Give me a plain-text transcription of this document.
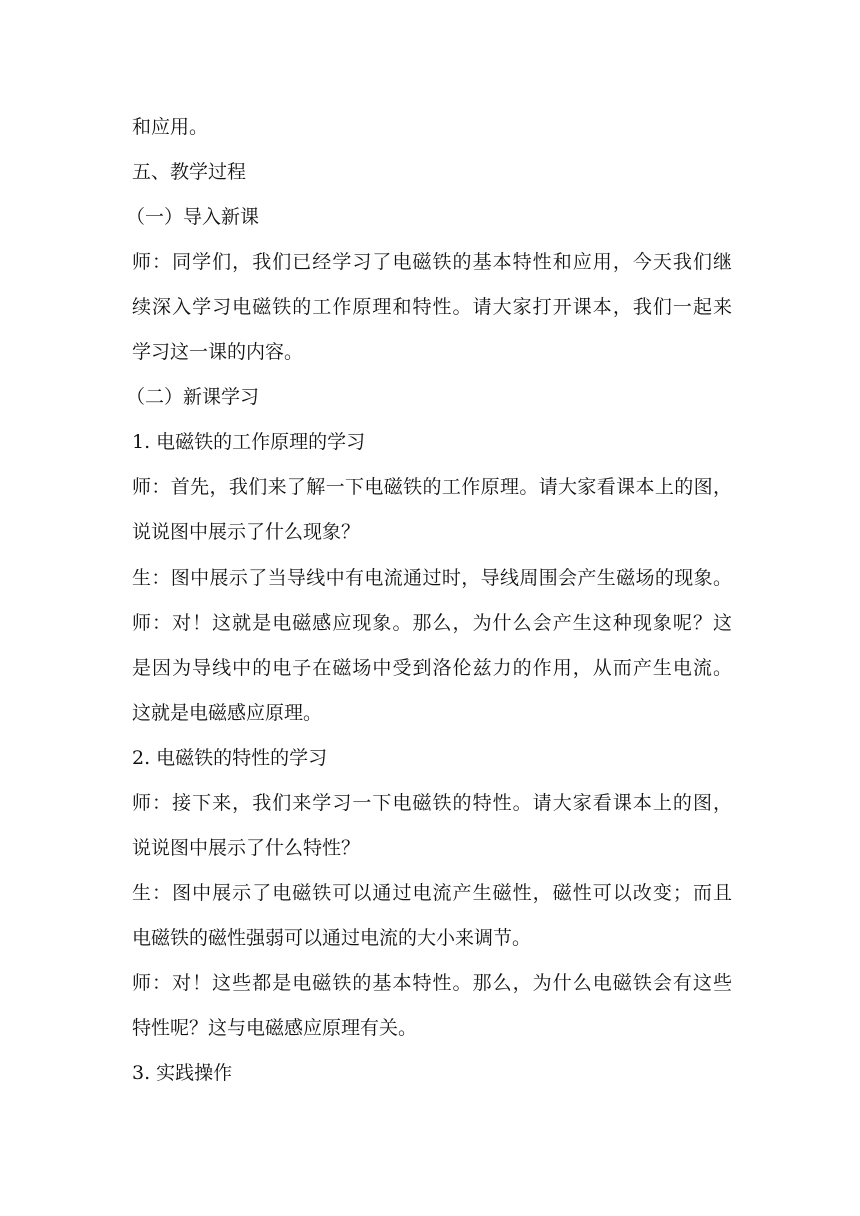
和应用。
五、教学过程
（一）导入新课
师：同学们，我们已经学习了电磁铁的基本特性和应用，今天我们继
续深入学习电磁铁的工作原理和特性。请大家打开课本，我们一起来
学习这一课的内容。
（二）新课学习
1. 电磁铁的工作原理的学习
师：首先，我们来了解一下电磁铁的工作原理。请大家看课本上的图，
说说图中展示了什么现象？
生：图中展示了当导线中有电流通过时，导线周围会产生磁场的现象。
师：对！这就是电磁感应现象。那么，为什么会产生这种现象呢？这
是因为导线中的电子在磁场中受到洛伦兹力的作用，从而产生电流。
这就是电磁感应原理。
2. 电磁铁的特性的学习
师：接下来，我们来学习一下电磁铁的特性。请大家看课本上的图，
说说图中展示了什么特性？
生：图中展示了电磁铁可以通过电流产生磁性，磁性可以改变；而且
电磁铁的磁性强弱可以通过电流的大小来调节。
师：对！这些都是电磁铁的基本特性。那么，为什么电磁铁会有这些
特性呢？这与电磁感应原理有关。
3. 实践操作
